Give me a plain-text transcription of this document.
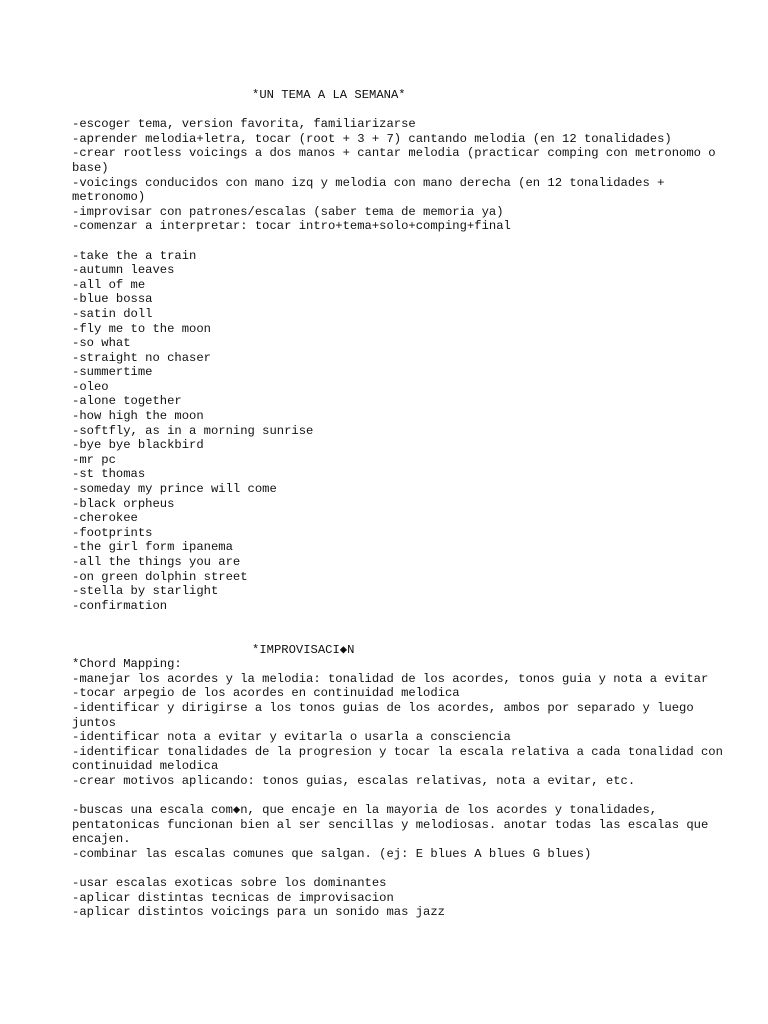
*UN TEMA A LA SEMANA*
-escoger tema, version favorita, familiarizarse
-aprender melodia+letra, tocar (root + 3 + 7) cantando melodia (en 12 tonalidades)
-crear rootless voicings a dos manos + cantar melodia (practicar comping con metronomo o base)
-voicings conducidos con mano izq y melodia con mano derecha (en 12 tonalidades + metronomo)
-improvisar con patrones/escalas (saber tema de memoria ya)
-comenzar a interpretar: tocar intro+tema+solo+comping+final
-take the a train
-autumn leaves
-all of me
-blue bossa
-satin doll
-fly me to the moon
-so what
-straight no chaser
-summertime
-oleo
-alone together
-how high the moon
-softfly, as in a morning sunrise
-bye bye blackbird
-mr pc
-st thomas
-someday my prince will come
-black orpheus
-cherokee
-footprints
-the girl form ipanema
-all the things you are
-on green dolphin street
-stella by starlight
-confirmation
*IMPROVISACI◆N
*Chord Mapping:
-manejar los acordes y la melodia: tonalidad de los acordes, tonos guia y nota a evitar
-tocar arpegio de los acordes en continuidad melodica
-identificar y dirigirse a los tonos guias de los acordes, ambos por separado y luego juntos
-identificar nota a evitar y evitarla o usarla a consciencia
-identificar tonalidades de la progresion y tocar la escala relativa a cada tonalidad con continuidad melodica
-crear motivos aplicando: tonos guias, escalas relativas, nota a evitar, etc.
-buscas una escala com◆n, que encaje en la mayoria de los acordes y tonalidades, pentatonicas funcionan bien al ser sencillas y melodiosas. anotar todas las escalas que encajen.
-combinar las escalas comunes que salgan. (ej: E blues A blues G blues)
-usar escalas exoticas sobre los dominantes
-aplicar distintas tecnicas de improvisacion
-aplicar distintos voicings para un sonido mas jazz
